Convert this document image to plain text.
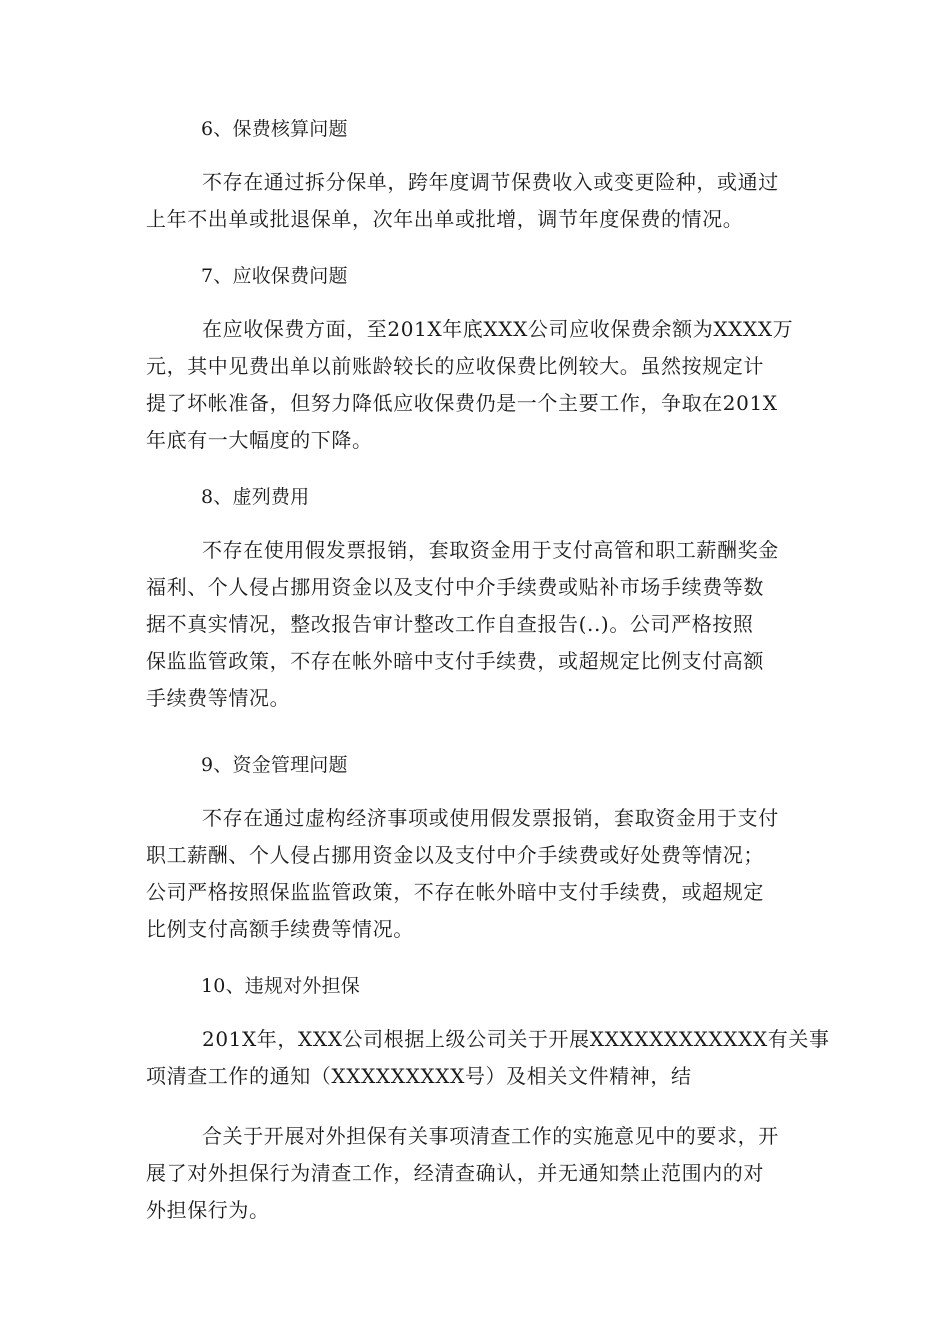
6、保费核算问题
不存在通过拆分保单，跨年度调节保费收入或变更险种，或通过
上年不出单或批退保单，次年出单或批增，调节年度保费的情况。
7、应收保费问题
在应收保费方面，至201X年底XXX公司应收保费余额为XXXX万
元，其中见费出单以前账龄较长的应收保费比例较大。虽然按规定计
提了坏帐准备，但努力降低应收保费仍是一个主要工作，争取在201X
年底有一大幅度的下降。
8、虚列费用
不存在使用假发票报销，套取资金用于支付高管和职工薪酬奖金
福利、个人侵占挪用资金以及支付中介手续费或贴补市场手续费等数
据不真实情况，整改报告审计整改工作自查报告(..)。公司严格按照
保监监管政策，不存在帐外暗中支付手续费，或超规定比例支付高额
手续费等情况。
9、资金管理问题
不存在通过虚构经济事项或使用假发票报销，套取资金用于支付
职工薪酬、个人侵占挪用资金以及支付中介手续费或好处费等情况；
公司严格按照保监监管政策，不存在帐外暗中支付手续费，或超规定
比例支付高额手续费等情况。
10、违规对外担保
201X年，XXX公司根据上级公司关于开展XXXXXXXXXXXX有关事
项清查工作的通知（XXXXXXXXX号）及相关文件精神，结
合关于开展对外担保有关事项清查工作的实施意见中的要求，开
展了对外担保行为清查工作，经清查确认，并无通知禁止范围内的对
外担保行为。
